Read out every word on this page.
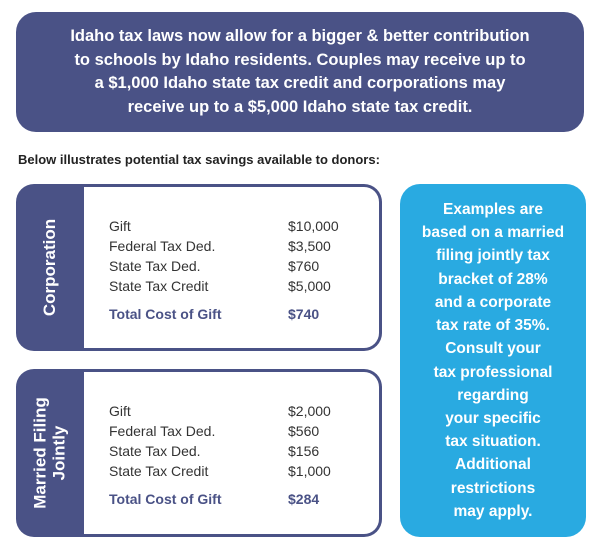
Idaho tax laws now allow for a bigger & better contribution
to schools by Idaho residents. Couples may receive up to
a $1,000 Idaho state tax credit and corporations may
receive up to a $5,000 Idaho state tax credit.
Below illustrates potential tax savings available to donors:
Corporation	Gift	$10,000
Federal Tax Ded.	$3,500
State Tax Ded.	$760
State Tax Credit	$5,000
Total Cost of Gift	$740
Married Filing Jointly
Gift	$2,000
Federal Tax Ded.	$560
State Tax Ded.	$156
State Tax Credit	$1,000
Total Cost of Gift	$284
Examples are
based on a married
filing jointly tax
bracket of 28%
and a corporate
tax rate of 35%.
Consult your
tax professional
regarding
your specific
tax situation.
Additional
restrictions
may apply.
